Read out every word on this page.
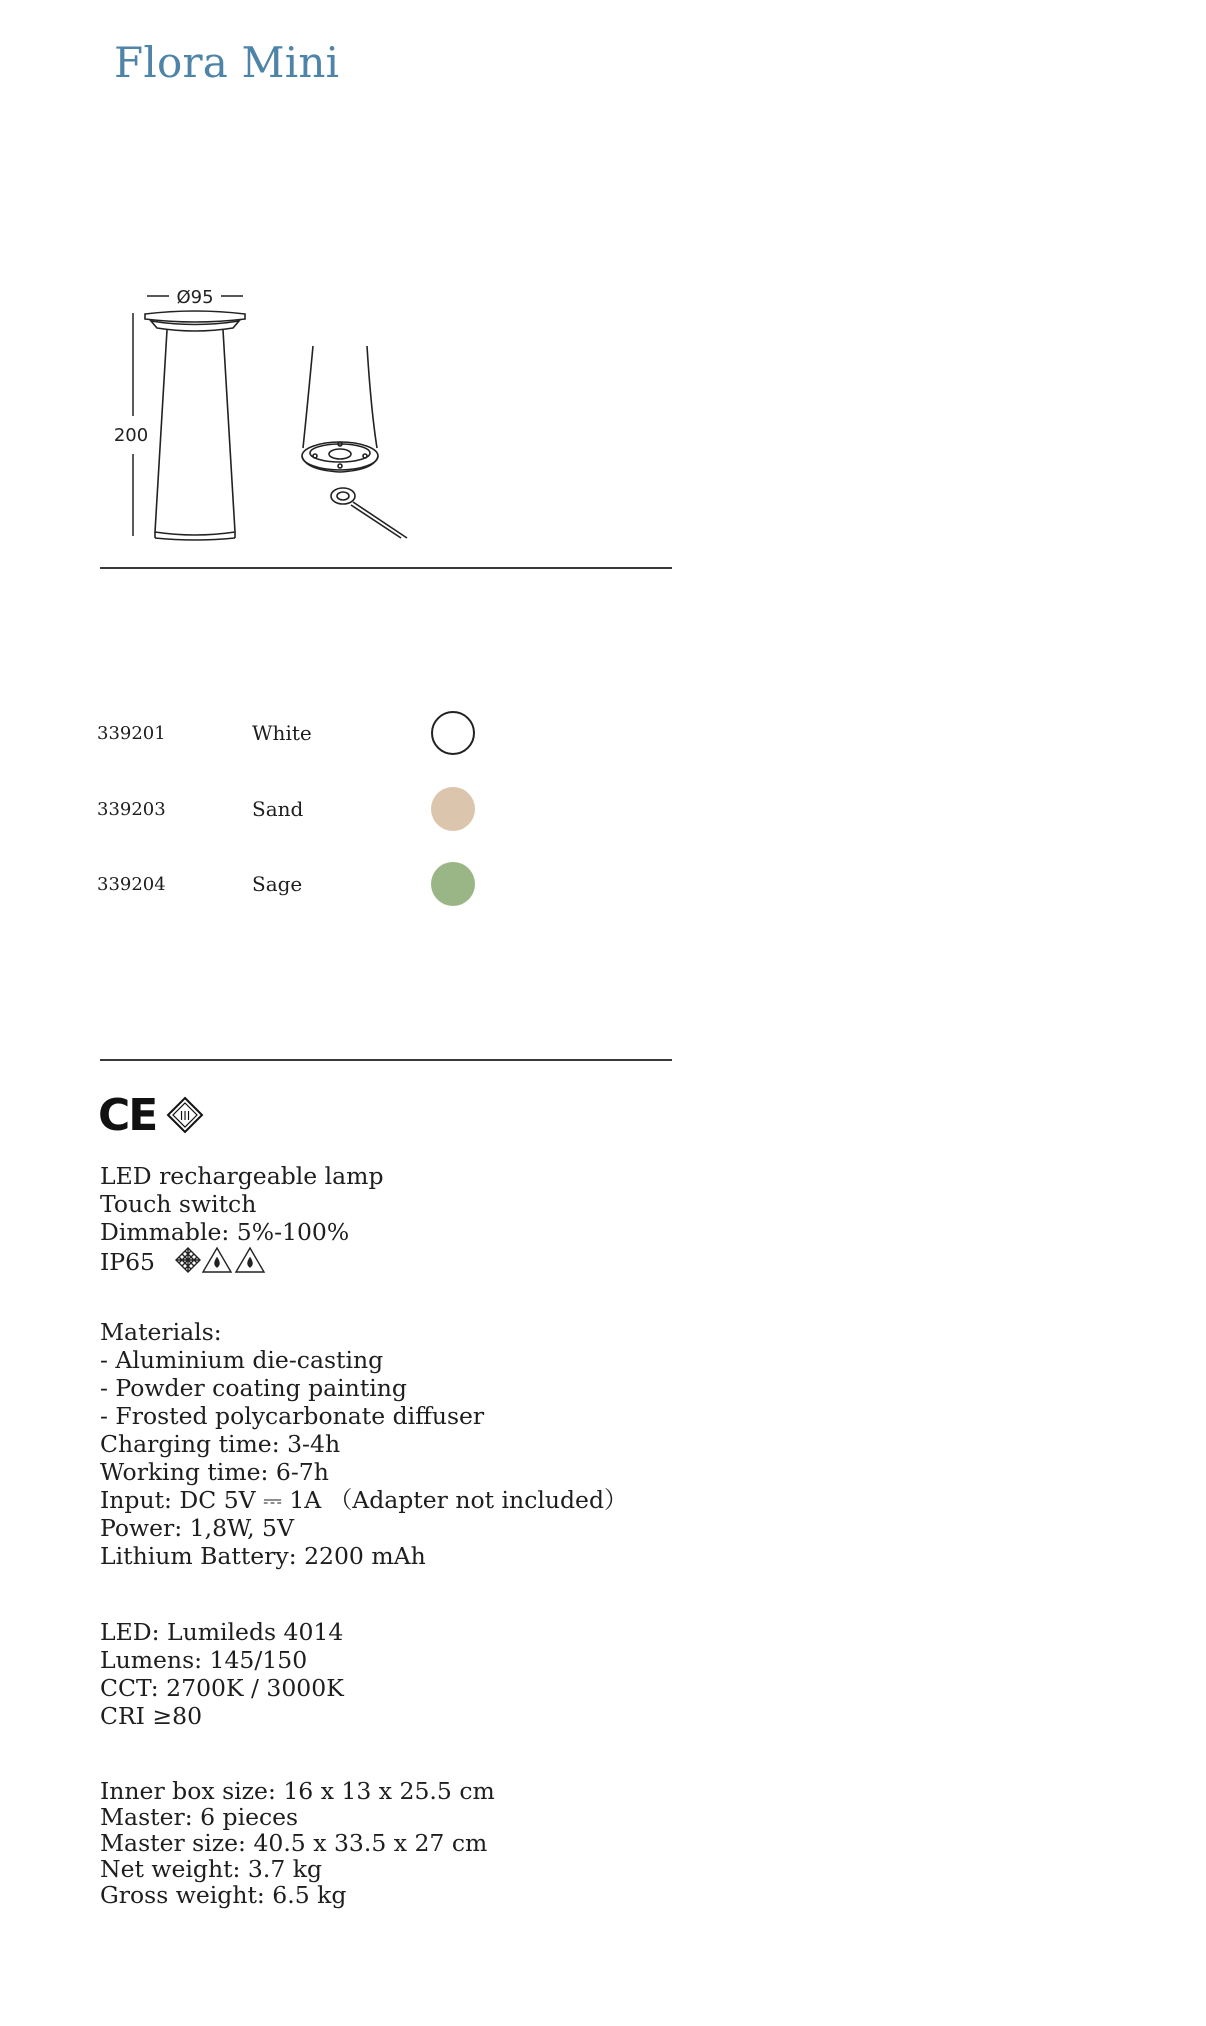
Flora Mini
Ø95
200
339201	White
339203	Sand
339204	Sage
CE III

LED rechargeable lamp

Touch switch

Dimmable: 5%-100%

IP65

Materials:

- Aluminium die-casting

- Powder coating painting

- Frosted polycarbonate diffuser

Charging time: 3-4h

Working time: 6-7h

Input: DC 5V ⎓ 1A （Adapter not included）

Power: 1,8W, 5V

Lithium Battery: 2200 mAh

LED: Lumileds 4014

Lumens: 145/150

CCT: 2700K / 3000K

CRI ≥80

Inner box size: 16 x 13 x 25.5 cm

Master: 6 pieces

Master size: 40.5 x 33.5 x 27 cm

Net weight: 3.7 kg

Gross weight: 6.5 kg
